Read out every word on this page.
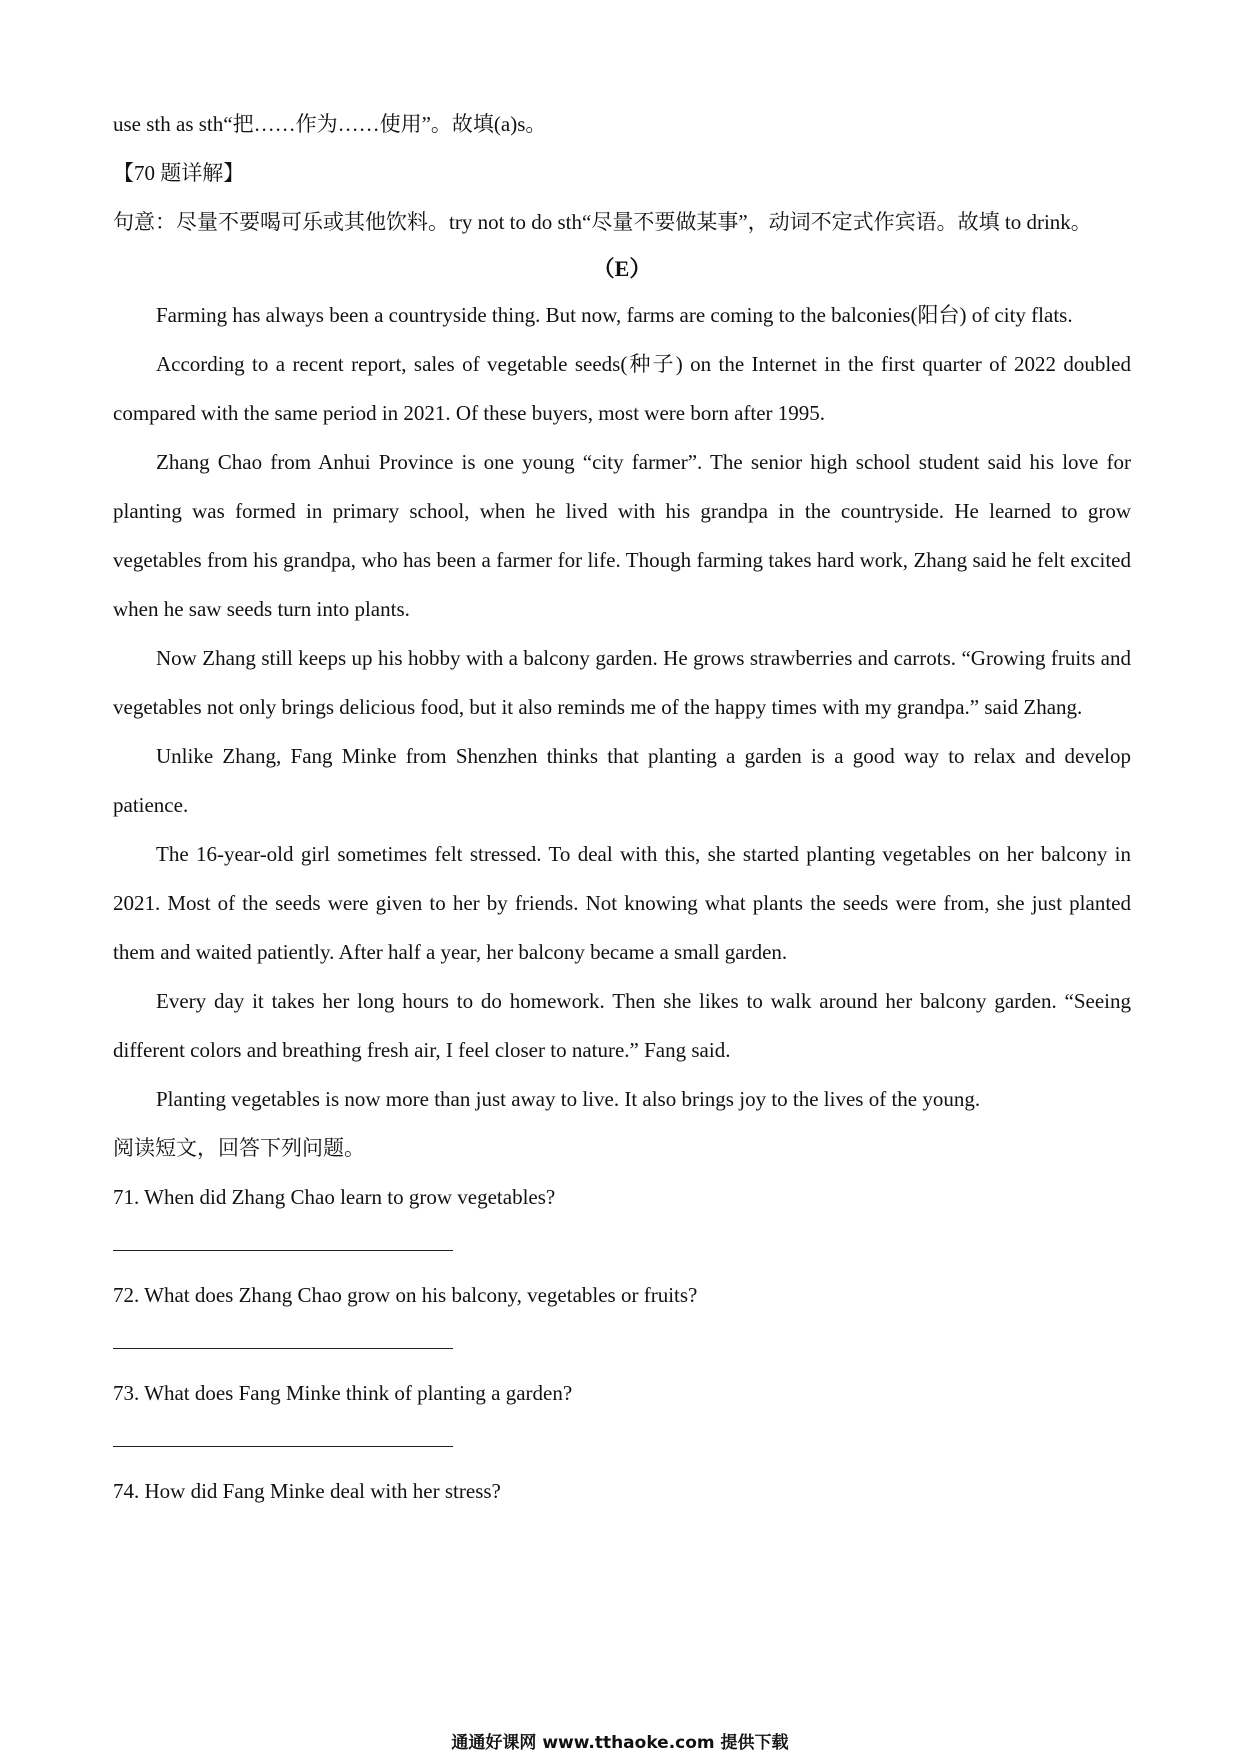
use sth as sth“把……作为……使用”。故填(a)s。

【70 题详解】

句意：尽量不要喝可乐或其他饮料。try not to do sth“尽量不要做某事”，动词不定式作宾语。故填 to drink。

（E）

Farming has always been a countryside thing. But now, farms are coming to the balconies(阳台) of city flats.

According to a recent report, sales of vegetable seeds(种子) on the Internet in the first quarter of 2022 doubled compared with the same period in 2021. Of these buyers, most were born after 1995.

Zhang Chao from Anhui Province is one young “city farmer”. The senior high school student said his love for planting was formed in primary school, when he lived with his grandpa in the countryside. He learned to grow vegetables from his grandpa, who has been a farmer for life. Though farming takes hard work, Zhang said he felt excited when he saw seeds turn into plants.

Now Zhang still keeps up his hobby with a balcony garden. He grows strawberries and carrots. “Growing fruits and vegetables not only brings delicious food, but it also reminds me of the happy times with my grandpa.” said Zhang.

Unlike Zhang, Fang Minke from Shenzhen thinks that planting a garden is a good way to relax and develop patience.

The 16-year-old girl sometimes felt stressed. To deal with this, she started planting vegetables on her balcony in 2021. Most of the seeds were given to her by friends. Not knowing what plants the seeds were from, she just planted them and waited patiently. After half a year, her balcony became a small garden.

Every day it takes her long hours to do homework. Then she likes to walk around her balcony garden. “Seeing different colors and breathing fresh air, I feel closer to nature.” Fang said.

Planting vegetables is now more than just away to live. It also brings joy to the lives of the young.

阅读短文，回答下列问题。

71. When did Zhang Chao learn to grow vegetables?

72. What does Zhang Chao grow on his balcony, vegetables or fruits?

73. What does Fang Minke think of planting a garden?

74. How did Fang Minke deal with her stress?

通通好课网 www.tthaoke.com 提供下载
